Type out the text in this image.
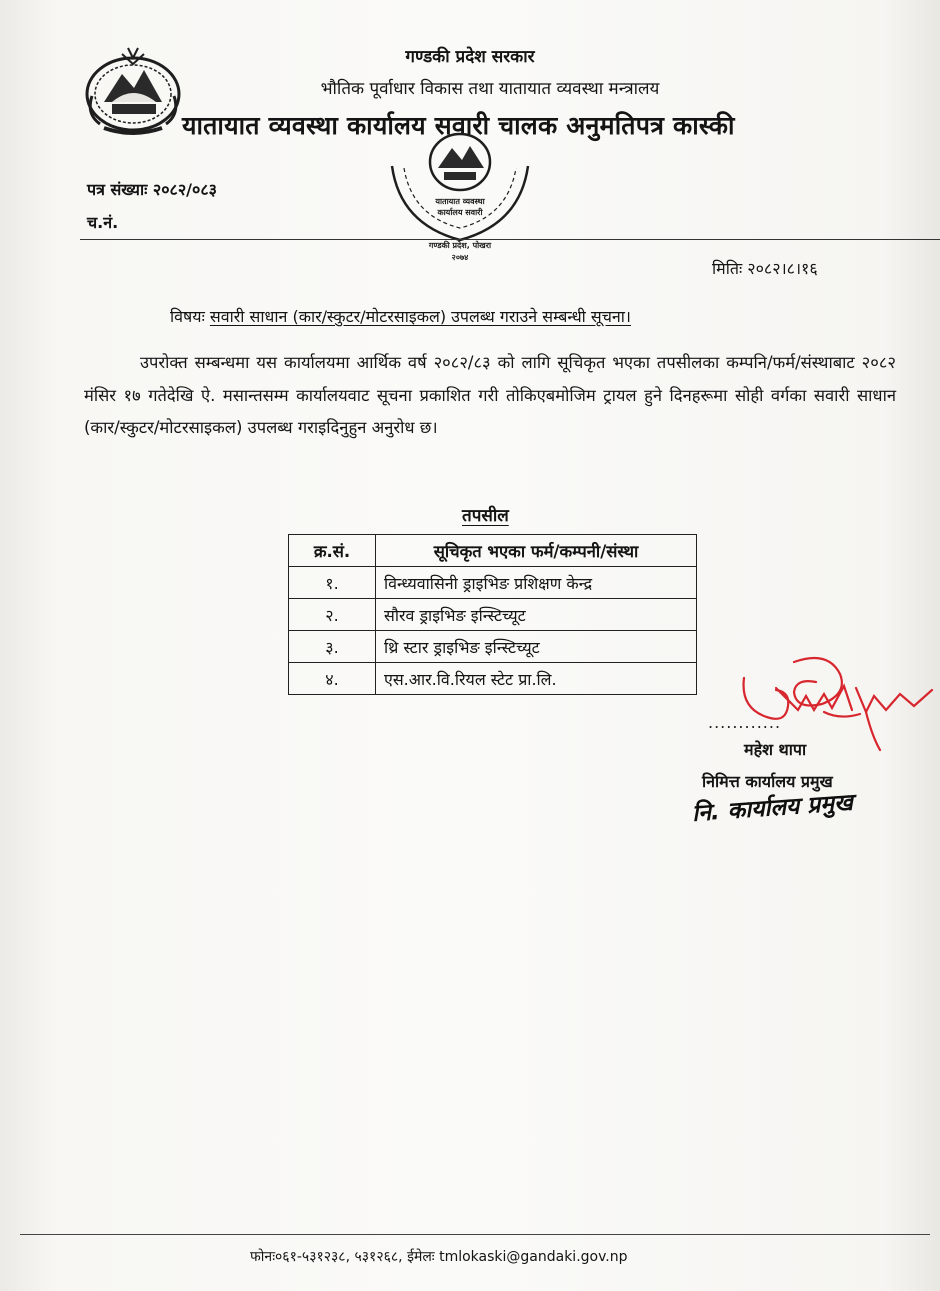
गण्डकी प्रदेश सरकार
भौतिक पूर्वाधार विकास तथा यातायात व्यवस्था मन्त्रालय
यातायात व्यवस्था कार्यालय सवारी चालक अनुमतिपत्र कास्की
यातायात व्यवस्था
कार्यालय सवारी
गण्डकी प्रदेश, पोखरा
२०७४
पत्र संख्याः २०८२/०८३
च.नं.
मितिः २०८२।८।१६
विषयः सवारी साधान (कार/स्कुटर/मोटरसाइकल) उपलब्ध गराउने सम्बन्धी सूचना।
उपरोक्त सम्बन्धमा यस कार्यालयमा आर्थिक वर्ष २०८२/८३ को लागि सूचिकृत भएका तपसीलका कम्पनि/फर्म/संस्थाबाट २०८२ मंसिर १७ गतेदेखि ऐ. मसान्तसम्म कार्यालयवाट सूचना प्रकाशित गरी तोकिएबमोजिम ट्रायल हुने दिनहरूमा सोही वर्गका सवारी साधान (कार/स्कुटर/मोटरसाइकल) उपलब्ध गराइदिनुहुन अनुरोध छ।
तपसील
क्र.सं.	सूचिकृत भएका फर्म/कम्पनी/संस्था
१.	विन्ध्यवासिनी ड्राइभिङ प्रशिक्षण केन्द्र
२.	सौरव ड्राइभिङ इन्स्टिच्यूट
३.	थ्रि स्टार ड्राइभिङ इन्स्टिच्यूट
४.	एस.आर.वि.रियल स्टेट प्रा.लि.
............
महेश थापा
निमित्त कार्यालय प्रमुख
नि. कार्यालय प्रमुख
फोनः०६१-५३१२३८, ५३१२६८, ईमेलः tmlokaski@gandaki.gov.np
